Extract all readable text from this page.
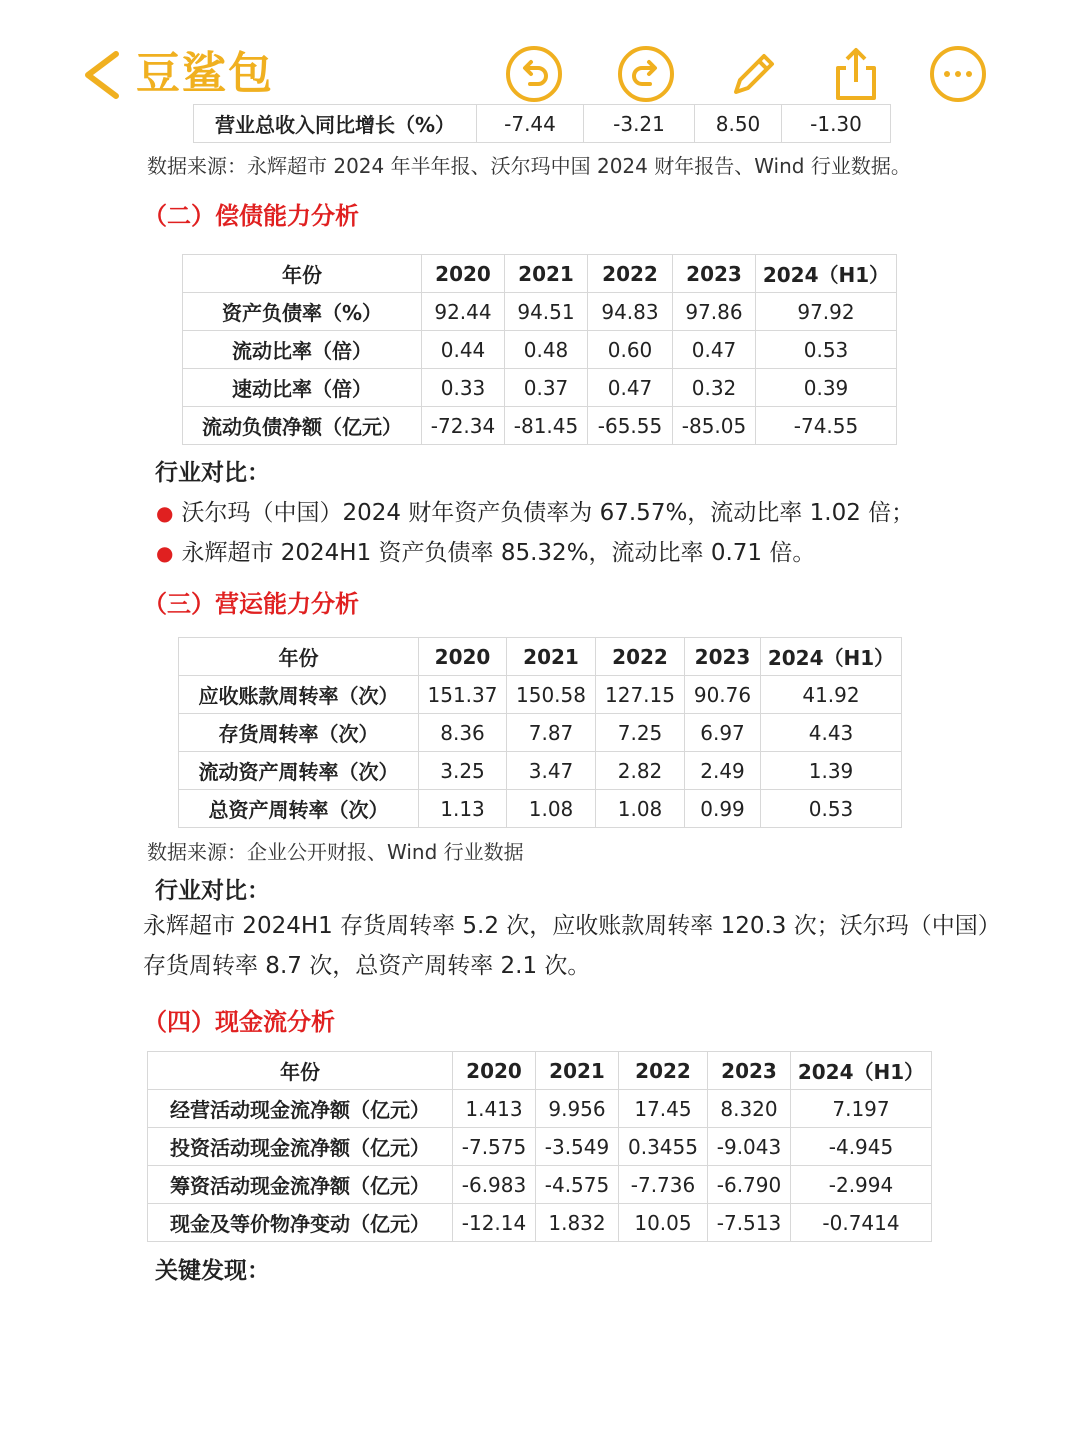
豆鲨包
营业总收入同比增长（%）	-7.44	-3.21	8.50	-1.30
数据来源：永辉超市 2024 年半年报、沃尔玛中国 2024 财年报告、Wind 行业数据。
（二）偿债能力分析
年份	2020	2021	2022	2023	2024（H1）
资产负债率（%）	92.44	94.51	94.83	97.86	97.92
流动比率（倍）	0.44	0.48	0.60	0.47	0.53
速动比率（倍）	0.33	0.37	0.47	0.32	0.39
流动负债净额（亿元）	-72.34	-81.45	-65.55	-85.05	-74.55
行业对比：
● 沃尔玛（中国）2024 财年资产负债率为 67.57%，流动比率 1.02 倍；
● 永辉超市 2024H1 资产负债率 85.32%，流动比率 0.71 倍。
（三）营运能力分析
年份	2020	2021	2022	2023	2024（H1）
应收账款周转率（次）	151.37	150.58	127.15	90.76	41.92
存货周转率（次）	8.36	7.87	7.25	6.97	4.43
流动资产周转率（次）	3.25	3.47	2.82	2.49	1.39
总资产周转率（次）	1.13	1.08	1.08	0.99	0.53
数据来源：企业公开财报、Wind 行业数据
行业对比：
永辉超市 2024H1 存货周转率 5.2 次，应收账款周转率 120.3 次；沃尔玛（中国）存货周转率 8.7 次，总资产周转率 2.1 次。
（四）现金流分析
年份	2020	2021	2022	2023	2024（H1）
经营活动现金流净额（亿元）	1.413	9.956	17.45	8.320	7.197
投资活动现金流净额（亿元）	-7.575	-3.549	0.3455	-9.043	-4.945
筹资活动现金流净额（亿元）	-6.983	-4.575	-7.736	-6.790	-2.994
现金及等价物净变动（亿元）	-12.14	1.832	10.05	-7.513	-0.7414
关键发现：
